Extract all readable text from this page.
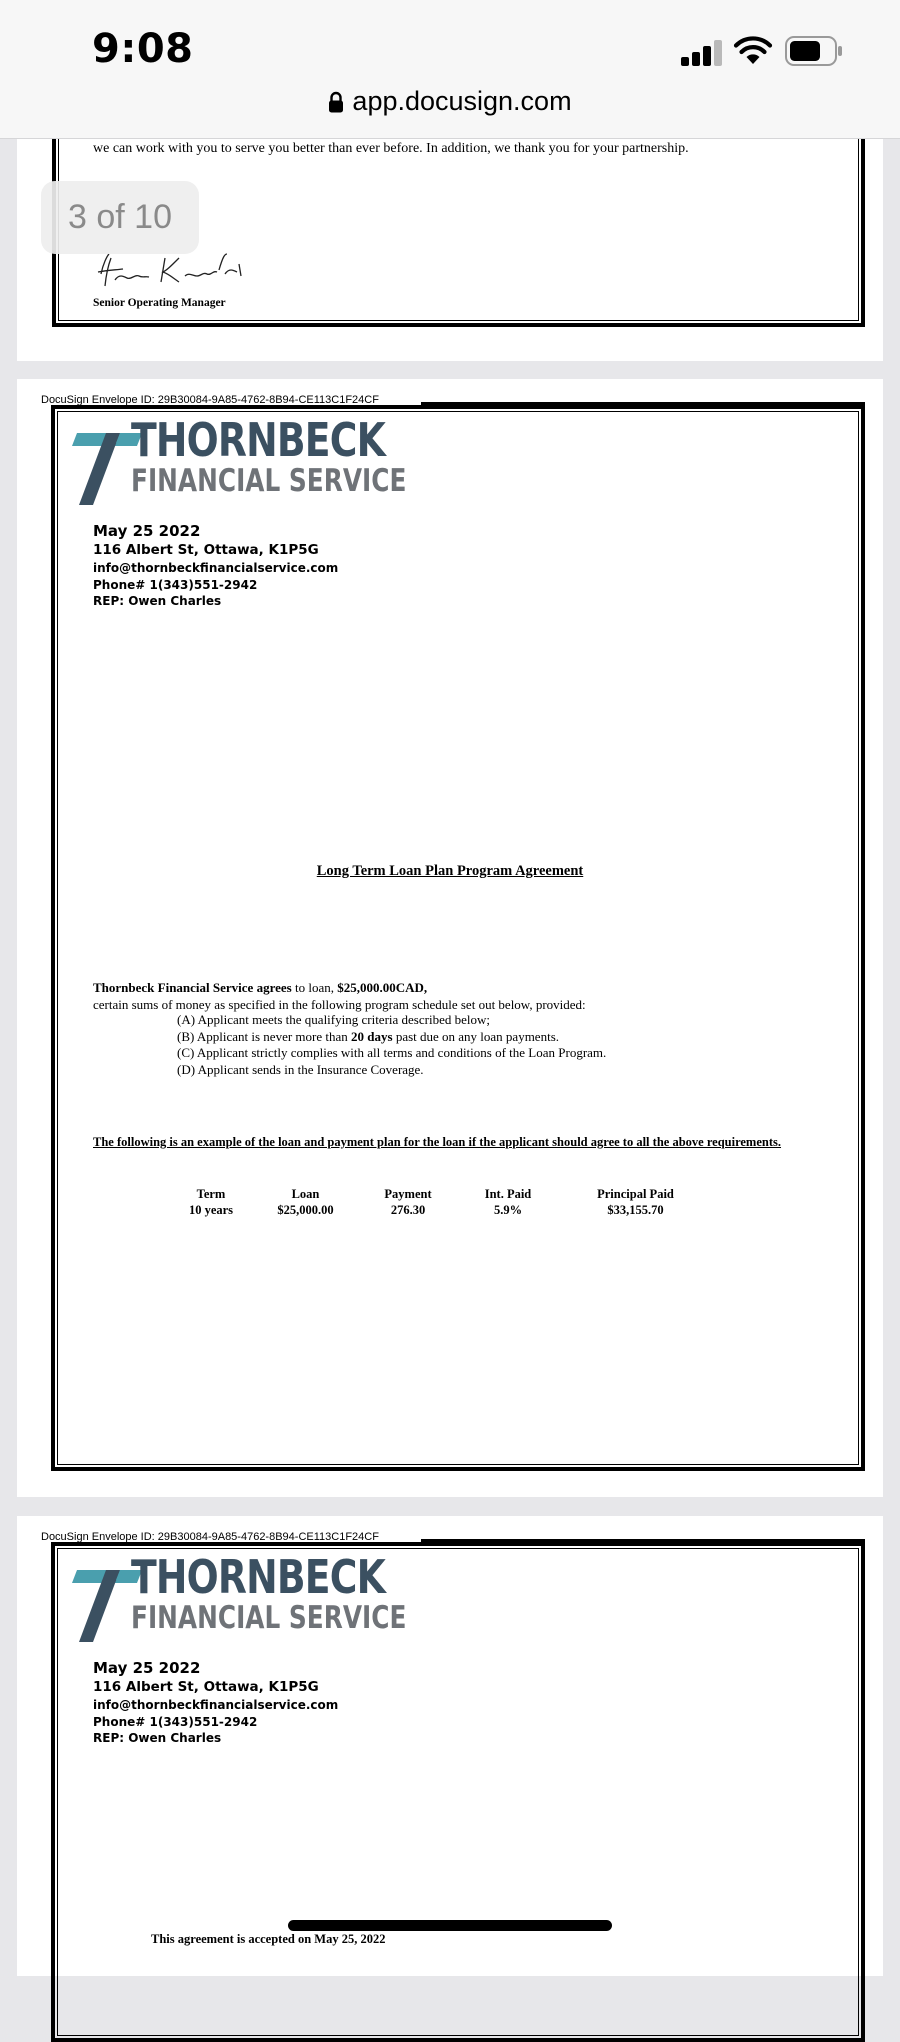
9:08
app.docusign.com
3 of 10
we can work with you to serve you better than ever before. In addition, we thank you for your partnership.
Senior Operating Manager
DocuSign Envelope ID: 29B30084-9A85-4762-8B94-CE113C1F24CF
THORNBECK
FINANCIAL SERVICE
May 25 2022
116 Albert St, Ottawa, K1P5G
info@thornbeckfinancialservice.com
Phone# 1(343)551-2942
REP: Owen Charles
Long Term Loan Plan Program Agreement
Thornbeck Financial Service agrees to loan, $25,000.00CAD,
certain sums of money as specified in the following program schedule set out below, provided:
(A) Applicant meets the qualifying criteria described below;
(B) Applicant is never more than 20 days past due on any loan payments.
(C) Applicant strictly complies with all terms and conditions of the Loan Program.
(D) Applicant sends in the Insurance Coverage.
The following is an example of the loan and payment plan for the loan if the applicant should agree to all the above requirements.
Term	Loan	Payment	Int. Paid	Principal Paid
10 years	$25,000.00	276.30	5.9%	$33,155.70
DocuSign Envelope ID: 29B30084-9A85-4762-8B94-CE113C1F24CF
THORNBECK
FINANCIAL SERVICE
May 25 2022
116 Albert St, Ottawa, K1P5G
info@thornbeckfinancialservice.com
Phone# 1(343)551-2942
REP: Owen Charles
This agreement is accepted on May 25, 2022
